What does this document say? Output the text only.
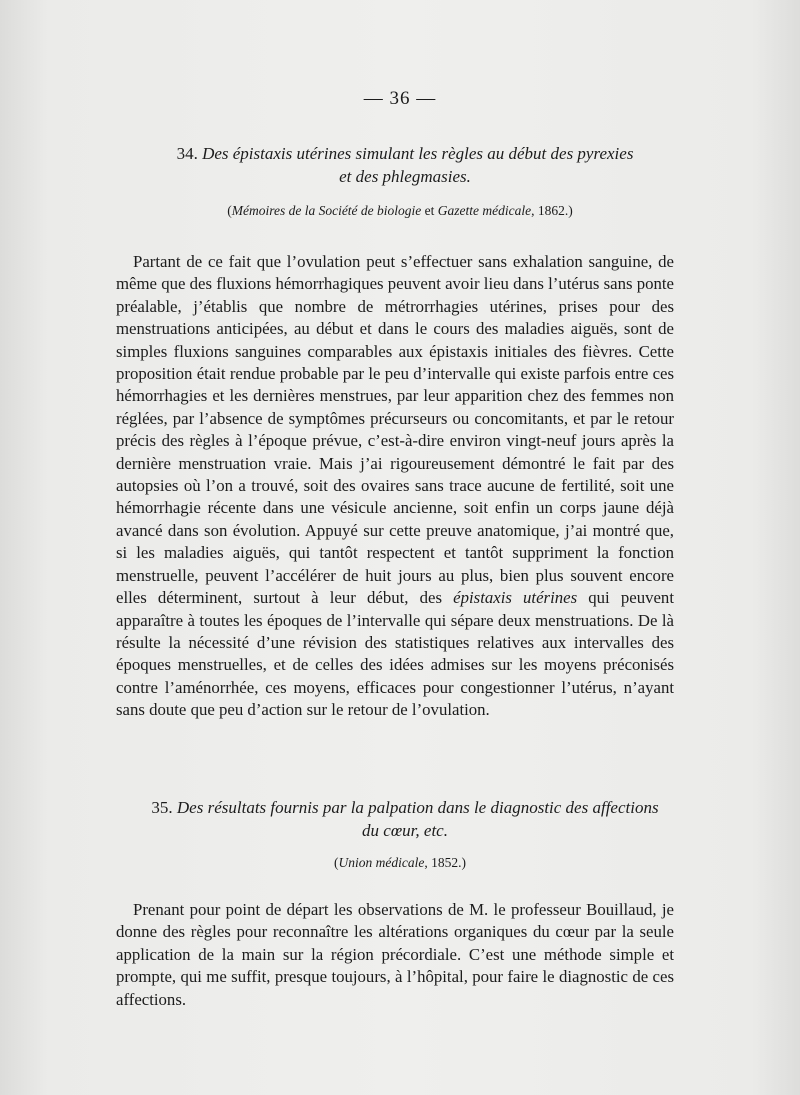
— 36 —
34. Des épistaxis utérines simulant les règles au début des pyrexies
et des phlegmasies.
(Mémoires de la Société de biologie et Gazette médicale, 1862.)
Partant de ce fait que l’ovulation peut s’effectuer sans exhalation sanguine, de même que des fluxions hémorrhagiques peuvent avoir lieu dans l’utérus sans ponte préalable, j’établis que nombre de métrorrhagies utérines, prises pour des menstruations anticipées, au début et dans le cours des maladies aiguës, sont de simples fluxions sanguines comparables aux épistaxis initiales des fièvres. Cette proposition était rendue probable par le peu d’intervalle qui existe parfois entre ces hémorrhagies et les dernières menstrues, par leur apparition chez des femmes non réglées, par l’absence de symptômes précurseurs ou concomitants, et par le retour précis des règles à l’époque prévue, c’est-à-dire environ vingt-neuf jours après la dernière menstruation vraie. Mais j’ai rigoureusement démontré le fait par des autopsies où l’on a trouvé, soit des ovaires sans trace aucune de fertilité, soit une hémorrhagie récente dans une vésicule ancienne, soit enfin un corps jaune déjà avancé dans son évolution. Appuyé sur cette preuve anatomique, j’ai montré que, si les maladies aiguës, qui tantôt respectent et tantôt suppriment la fonction menstruelle, peuvent l’accélérer de huit jours au plus, bien plus souvent encore elles déterminent, surtout à leur début, des épistaxis utérines qui peuvent apparaître à toutes les époques de l’intervalle qui sépare deux menstruations. De là résulte la nécessité d’une révision des statistiques relatives aux intervalles des époques menstruelles, et de celles des idées admises sur les moyens préconisés contre l’aménorrhée, ces moyens, efficaces pour congestionner l’utérus, n’ayant sans doute que peu d’action sur le retour de l’ovulation.
35. Des résultats fournis par la palpation dans le diagnostic des affections
du cœur, etc.
(Union médicale, 1852.)
Prenant pour point de départ les observations de M. le professeur Bouillaud, je donne des règles pour reconnaître les altérations organiques du cœur par la seule application de la main sur la région précordiale. C’est une méthode simple et prompte, qui me suffit, presque toujours, à l’hôpital, pour faire le diagnostic de ces affections.
